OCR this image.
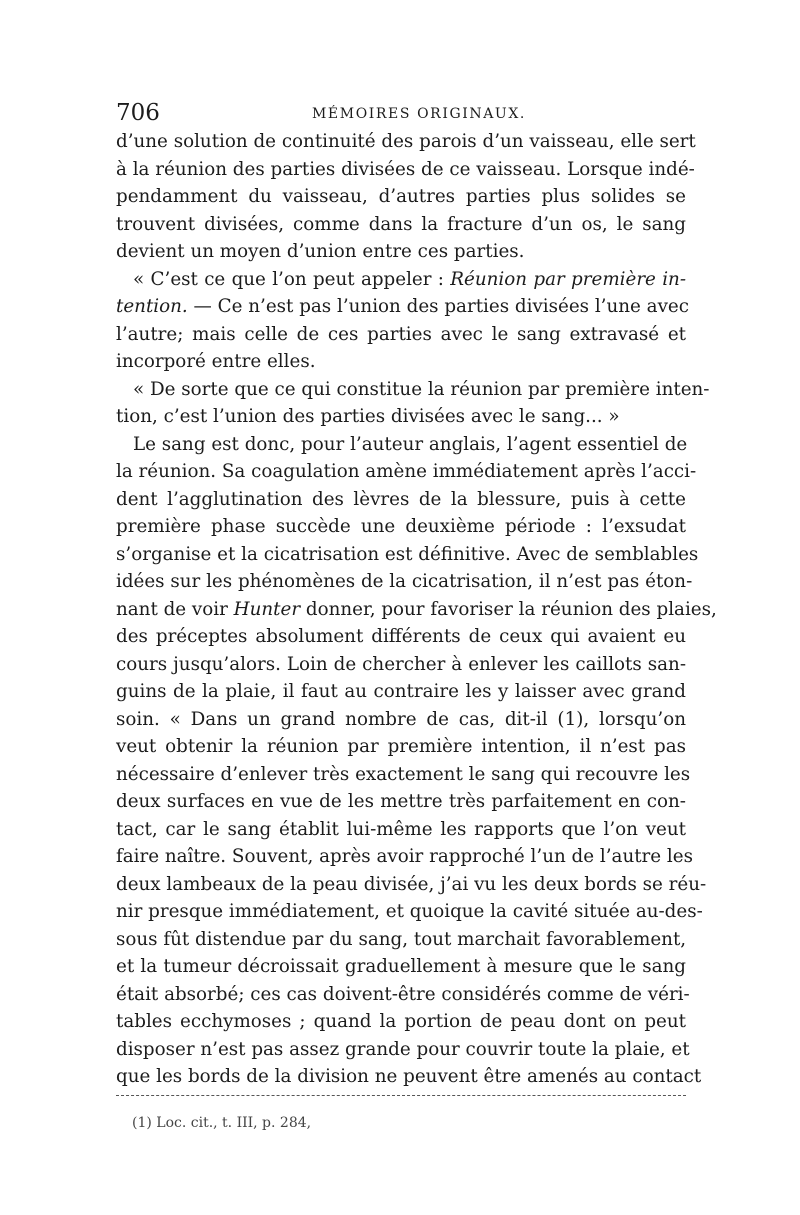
706	MÉMOIRES ORIGINAUX.
d’une solution de continuité des parois d’un vaisseau, elle sert
à la réunion des parties divisées de ce vaisseau. Lorsque indé-
pendamment du vaisseau, d’autres parties plus solides se
trouvent divisées, comme dans la fracture d’un os, le sang
devient un moyen d’union entre ces parties.
« C’est ce que l’on peut appeler : Réunion par première in-
tention. — Ce n’est pas l’union des parties divisées l’une avec
l’autre; mais celle de ces parties avec le sang extravasé et
incorporé entre elles.
« De sorte que ce qui constitue la réunion par première inten-
tion, c’est l’union des parties divisées avec le sang... »
Le sang est donc, pour l’auteur anglais, l’agent essentiel de
la réunion. Sa coagulation amène immédiatement après l’acci-
dent l’agglutination des lèvres de la blessure, puis à cette
première phase succède une deuxième période : l’exsudat
s’organise et la cicatrisation est définitive. Avec de semblables
idées sur les phénomènes de la cicatrisation, il n’est pas éton-
nant de voir Hunter donner, pour favoriser la réunion des plaies,
des préceptes absolument différents de ceux qui avaient eu
cours jusqu’alors. Loin de chercher à enlever les caillots san-
guins de la plaie, il faut au contraire les y laisser avec grand
soin. « Dans un grand nombre de cas, dit-il (1), lorsqu’on
veut obtenir la réunion par première intention, il n’est pas
nécessaire d’enlever très exactement le sang qui recouvre les
deux surfaces en vue de les mettre très parfaitement en con-
tact, car le sang établit lui-même les rapports que l’on veut
faire naître. Souvent, après avoir rapproché l’un de l’autre les
deux lambeaux de la peau divisée, j’ai vu les deux bords se réu-
nir presque immédiatement, et quoique la cavité située au-des-
sous fût distendue par du sang, tout marchait favorablement,
et la tumeur décroissait graduellement à mesure que le sang
était absorbé; ces cas doivent-être considérés comme de véri-
tables ecchymoses ; quand la portion de peau dont on peut
disposer n’est pas assez grande pour couvrir toute la plaie, et
que les bords de la division ne peuvent être amenés au contact
(1) Loc. cit., t. III, p. 284,
